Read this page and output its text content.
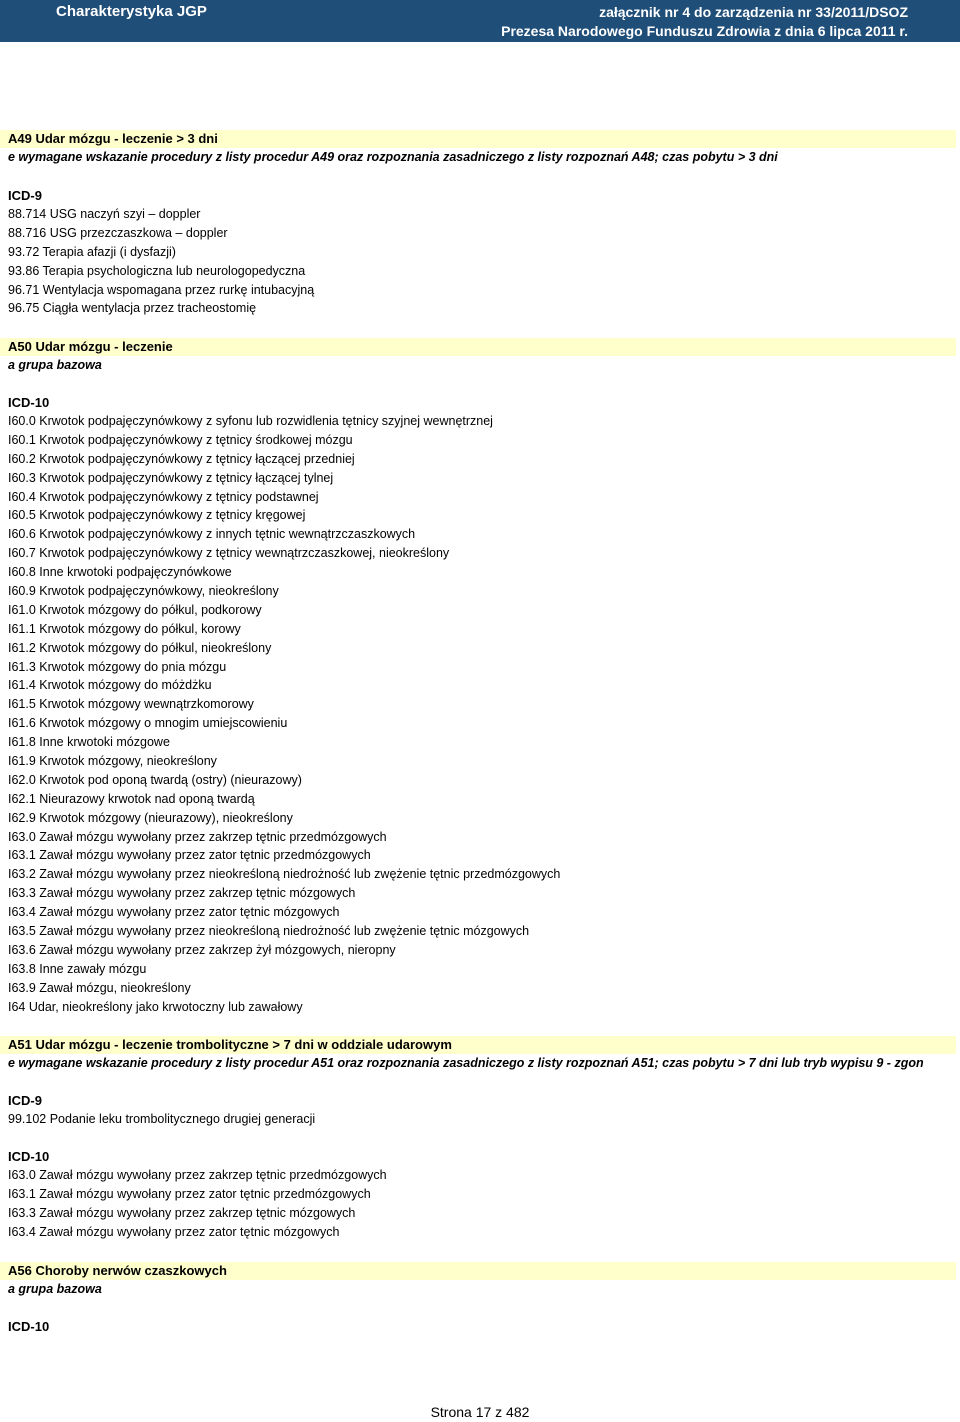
Charakterystyka JGP	załącznik nr 4 do zarządzenia nr 33/2011/DSOZ
Prezesa Narodowego Funduszu Zdrowia z dnia 6 lipca 2011 r.
A49 Udar mózgu - leczenie > 3 dni
e wymagane wskazanie procedury z listy procedur A49 oraz rozpoznania zasadniczego z listy rozpoznań A48; czas pobytu > 3 dni
ICD-9
88.714 USG naczyń szyi – doppler
88.716 USG przezczaszkowa – doppler
93.72 Terapia afazji (i dysfazji)
93.86 Terapia psychologiczna lub neurologopedyczna
96.71 Wentylacja wspomagana przez rurkę intubacyjną
96.75 Ciągła wentylacja przez tracheostomię
A50 Udar mózgu - leczenie
a grupa bazowa
ICD-10
I60.0 Krwotok podpajęczynówkowy z syfonu lub rozwidlenia tętnicy szyjnej wewnętrznej
I60.1 Krwotok podpajęczynówkowy z tętnicy środkowej mózgu
I60.2 Krwotok podpajęczynówkowy z tętnicy łączącej przedniej
I60.3 Krwotok podpajęczynówkowy z tętnicy łączącej tylnej
I60.4 Krwotok podpajęczynówkowy z tętnicy podstawnej
I60.5 Krwotok podpajęczynówkowy z tętnicy kręgowej
I60.6 Krwotok podpajęczynówkowy z innych tętnic wewnątrzczaszkowych
I60.7 Krwotok podpajęczynówkowy z tętnicy wewnątrzczaszkowej, nieokreślony
I60.8 Inne krwotoki podpajęczynówkowe
I60.9 Krwotok podpajęczynówkowy, nieokreślony
I61.0 Krwotok mózgowy do półkul, podkorowy
I61.1 Krwotok mózgowy do półkul, korowy
I61.2 Krwotok mózgowy do półkul, nieokreślony
I61.3 Krwotok mózgowy do pnia mózgu
I61.4 Krwotok mózgowy do móżdżku
I61.5 Krwotok mózgowy wewnątrzkomorowy
I61.6 Krwotok mózgowy o mnogim umiejscowieniu
I61.8 Inne krwotoki mózgowe
I61.9 Krwotok mózgowy, nieokreślony
I62.0 Krwotok pod oponą twardą (ostry) (nieurazowy)
I62.1 Nieurazowy krwotok nad oponą twardą
I62.9 Krwotok mózgowy (nieurazowy), nieokreślony
I63.0 Zawał mózgu wywołany przez zakrzep tętnic przedmózgowych
I63.1 Zawał mózgu wywołany przez zator tętnic przedmózgowych
I63.2 Zawał mózgu wywołany przez nieokreśloną niedrożność lub zwężenie tętnic przedmózgowych
I63.3 Zawał mózgu wywołany przez zakrzep tętnic mózgowych
I63.4 Zawał mózgu wywołany przez zator tętnic mózgowych
I63.5 Zawał mózgu wywołany przez nieokreśloną niedrożność lub zwężenie tętnic mózgowych
I63.6 Zawał mózgu wywołany przez zakrzep żył mózgowych, nieropny
I63.8 Inne zawały mózgu
I63.9 Zawał mózgu, nieokreślony
I64 Udar, nieokreślony jako krwotoczny lub zawałowy
A51 Udar mózgu - leczenie trombolityczne > 7 dni w oddziale udarowym
e wymagane wskazanie procedury z listy procedur A51 oraz rozpoznania zasadniczego z listy rozpoznań A51; czas pobytu > 7 dni lub tryb wypisu 9 - zgon
ICD-9
99.102 Podanie leku trombolitycznego drugiej generacji
ICD-10
I63.0 Zawał mózgu wywołany przez zakrzep tętnic przedmózgowych
I63.1 Zawał mózgu wywołany przez zator tętnic przedmózgowych
I63.3 Zawał mózgu wywołany przez zakrzep tętnic mózgowych
I63.4 Zawał mózgu wywołany przez zator tętnic mózgowych
A56 Choroby nerwów czaszkowych
a grupa bazowa
ICD-10
Strona 17 z 482
